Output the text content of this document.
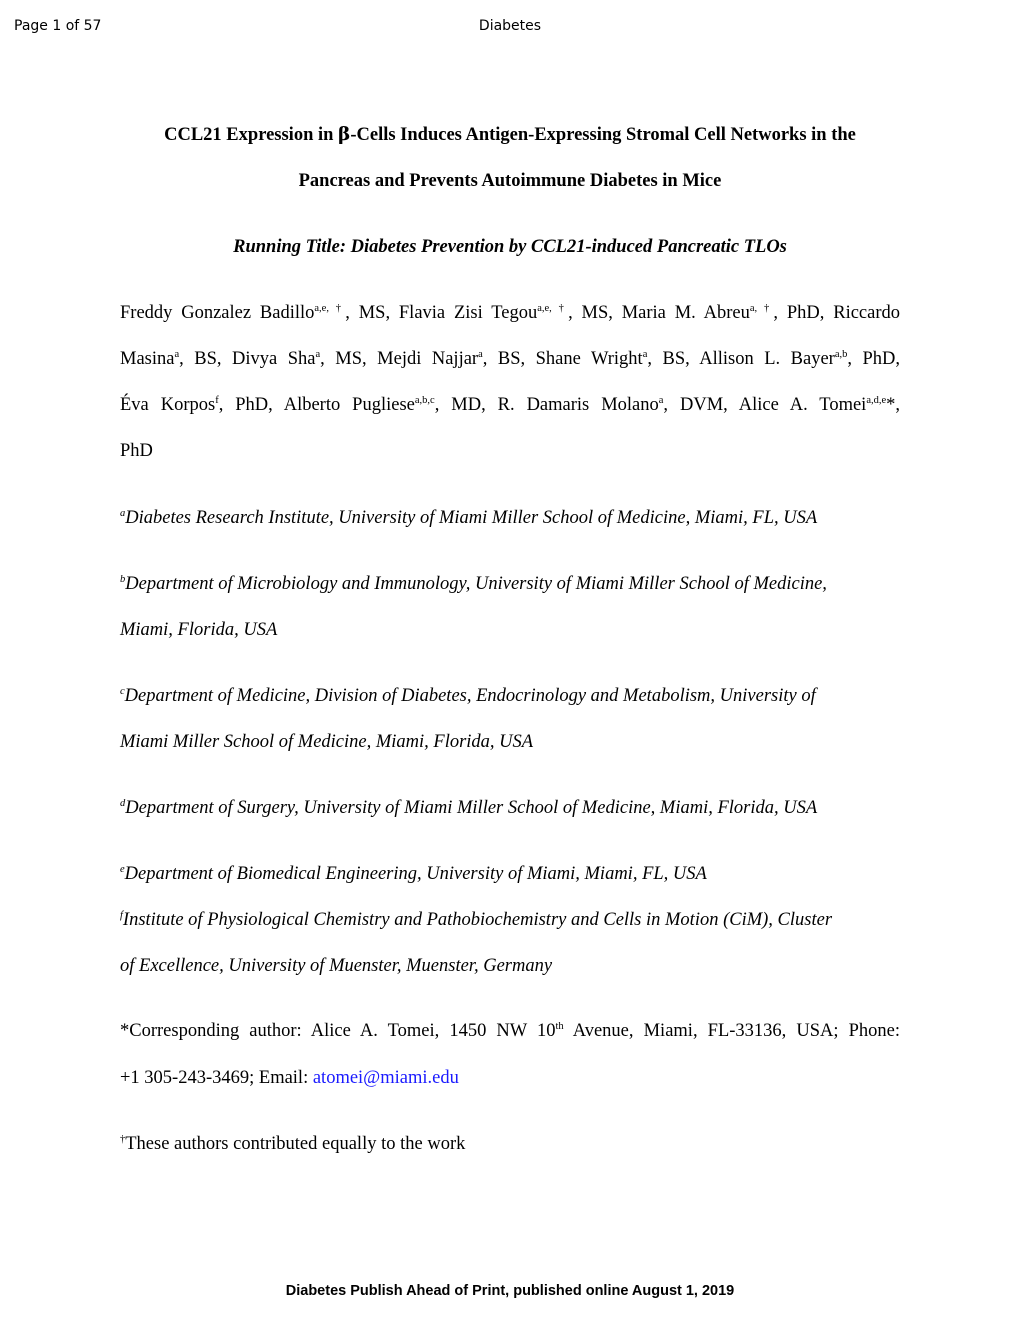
Page 1 of 57	Diabetes
CCL21 Expression in β-Cells Induces Antigen-Expressing Stromal Cell Networks in the
Pancreas and Prevents Autoimmune Diabetes in Mice
Running Title: Diabetes Prevention by CCL21-induced Pancreatic TLOs
Freddy Gonzalez Badillo$^{a,e, \dagger}$, MS, Flavia Zisi Tegou$^{a,e, \dagger}$, MS, Maria M. Abreu$^{a, \dagger}$, PhD, Riccardo
Masina$^a$, BS, Divya Sha$^a$, MS, Mejdi Najjar$^a$, BS, Shane Wright$^a$, BS, Allison L. Bayer$^{a,b}$, PhD,
Éva Korpos$^f$, PhD, Alberto Pugliese$^{a,b,c}$, MD, R. Damaris Molano$^a$, DVM, Alice A. Tomei$^{a,d,e}$*,
PhD
$^a$Diabetes Research Institute, University of Miami Miller School of Medicine, Miami, FL, USA
$^b$Department of Microbiology and Immunology, University of Miami Miller School of Medicine,
Miami, Florida, USA
$^c$Department of Medicine, Division of Diabetes, Endocrinology and Metabolism, University of
Miami Miller School of Medicine, Miami, Florida, USA
$^d$Department of Surgery, University of Miami Miller School of Medicine, Miami, Florida, USA
$^e$Department of Biomedical Engineering, University of Miami, Miami, FL, USA
$^f$Institute of Physiological Chemistry and Pathobiochemistry and Cells in Motion (CiM), Cluster
of Excellence, University of Muenster, Muenster, Germany
*Corresponding author: Alice A. Tomei, 1450 NW 10th Avenue, Miami, FL-33136, USA; Phone:
+1 305-243-3469; Email: atomei@miami.edu
†These authors contributed equally to the work
Diabetes Publish Ahead of Print, published online August 1, 2019
